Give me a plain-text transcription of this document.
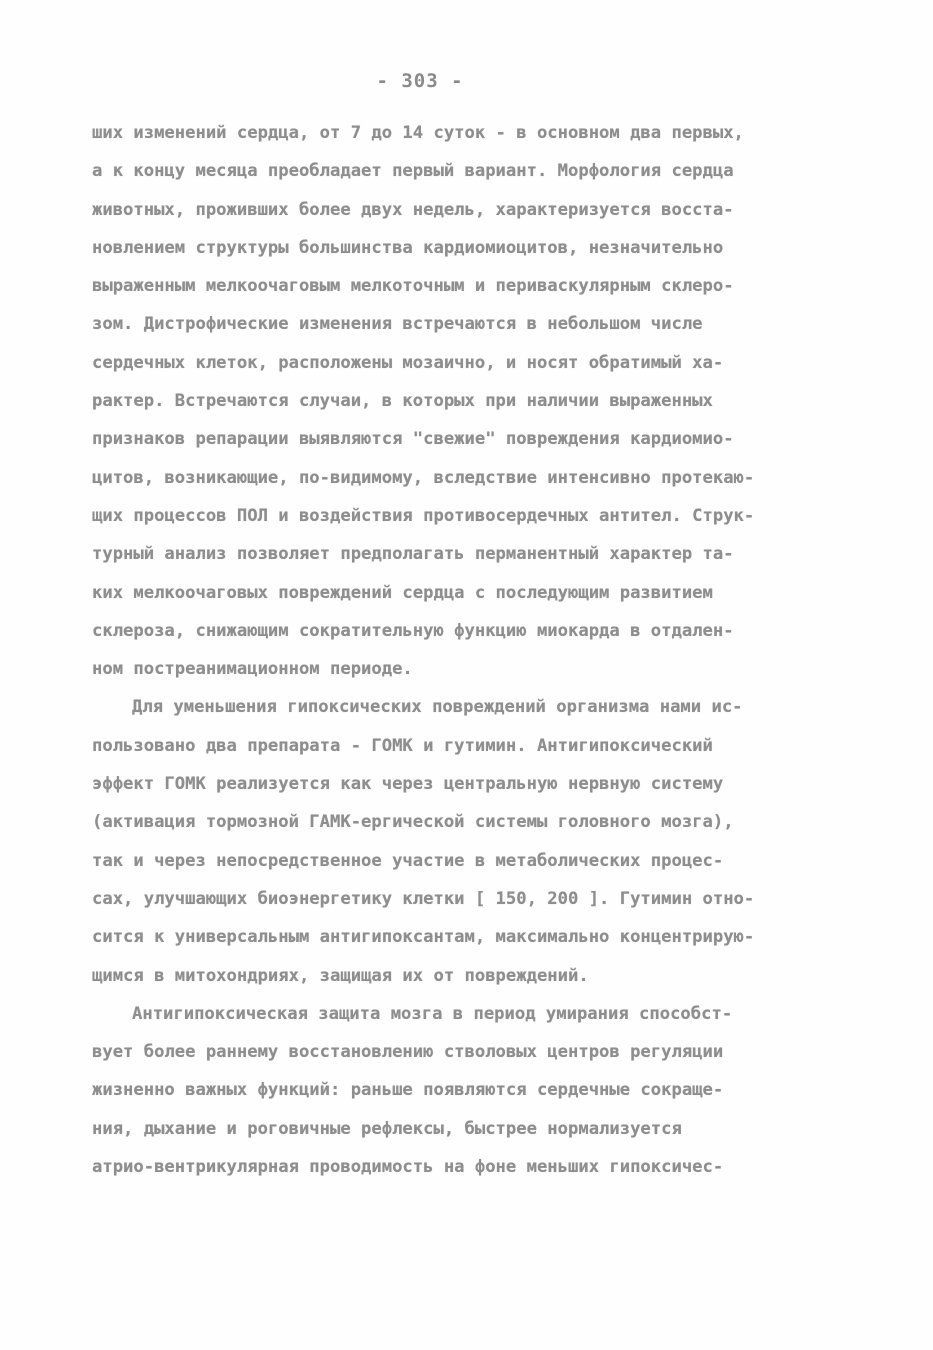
- 303 -
ших изменений сердца, от 7 до 14 суток - в основном два первых,
а к концу месяца преобладает первый вариант. Морфология сердца
животных, проживших более двух недель, характеризуется восста-
новлением структуры большинства кардиомиоцитов, незначительно
выраженным мелкоочаговым мелкоточным и периваскулярным склеро-
зом. Дистрофические изменения встречаются в небольшом числе
сердечных клеток, расположены мозаично, и носят обратимый ха-
рактер. Встречаются случаи, в которых при наличии выраженных
признаков репарации выявляются "свежие" повреждения кардиомио-
цитов, возникающие, по-видимому, вследствие интенсивно протекаю-
щих процессов ПОЛ и воздействия противосердечных антител. Струк-
турный анализ позволяет предполагать перманентный характер та-
ких мелкоочаговых повреждений сердца с последующим развитием
склероза, снижающим сократительную функцию миокарда в отдален-
ном постреанимационном периоде.
Для уменьшения гипоксических повреждений организма нами ис-
пользовано два препарата - ГОМК и гутимин. Антигипоксический
эффект ГОМК реализуется как через центральную нервную систему
(активация тормозной ГАМК-ергической системы головного мозга),
так и через непосредственное участие в метаболических процес-
сах, улучшающих биоэнергетику клетки [ 150, 200 ]. Гутимин отно-
сится к универсальным антигипоксантам, максимально концентрирую-
щимся в митохондриях, защищая их от повреждений.
Антигипоксическая защита мозга в период умирания способст-
вует более раннему восстановлению стволовых центров регуляции
жизненно важных функций: раньше появляются сердечные сокраще-
ния, дыхание и роговичные рефлексы, быстрее нормализуется
атрио-вентрикулярная проводимость на фоне меньших гипоксичес-
